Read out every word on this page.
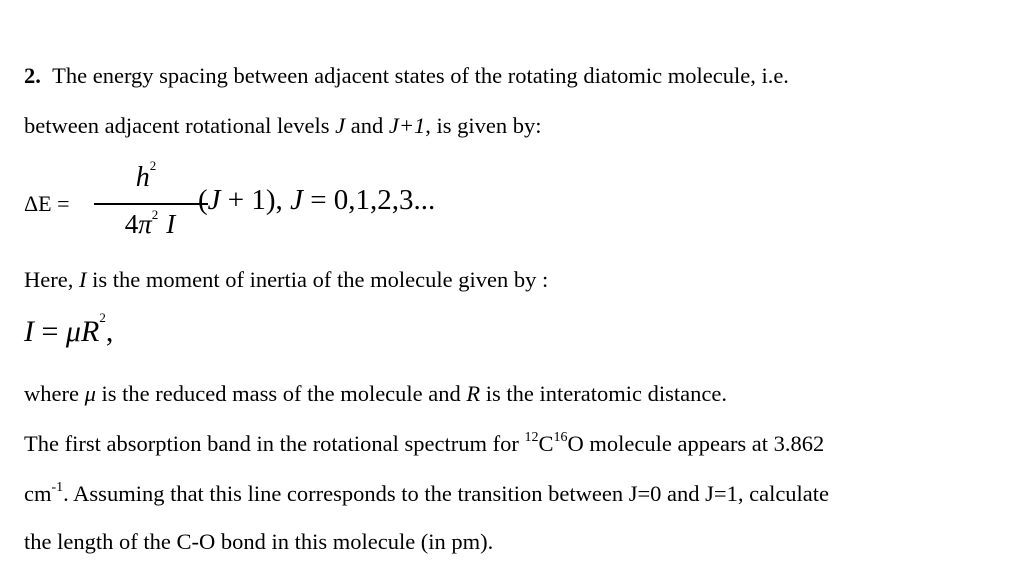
2. The energy spacing between adjacent states of the rotating diatomic molecule, i.e.
between adjacent rotational levels J and J+1, is given by:
ΔE =
$h^2$
$4\pi^2$ I
(J + 1), J = 0,1,2,3...
Here, I is the moment of inertia of the molecule given by :
$I = \mu R^2$,
where μ is the reduced mass of the molecule and R is the interatomic distance.
The first absorption band in the rotational spectrum for $^{12}C^{16}O$ molecule appears at 3.862
$cm^{-1}$. Assuming that this line corresponds to the transition between J=0 and J=1, calculate
the length of the C-O bond in this molecule (in pm).
